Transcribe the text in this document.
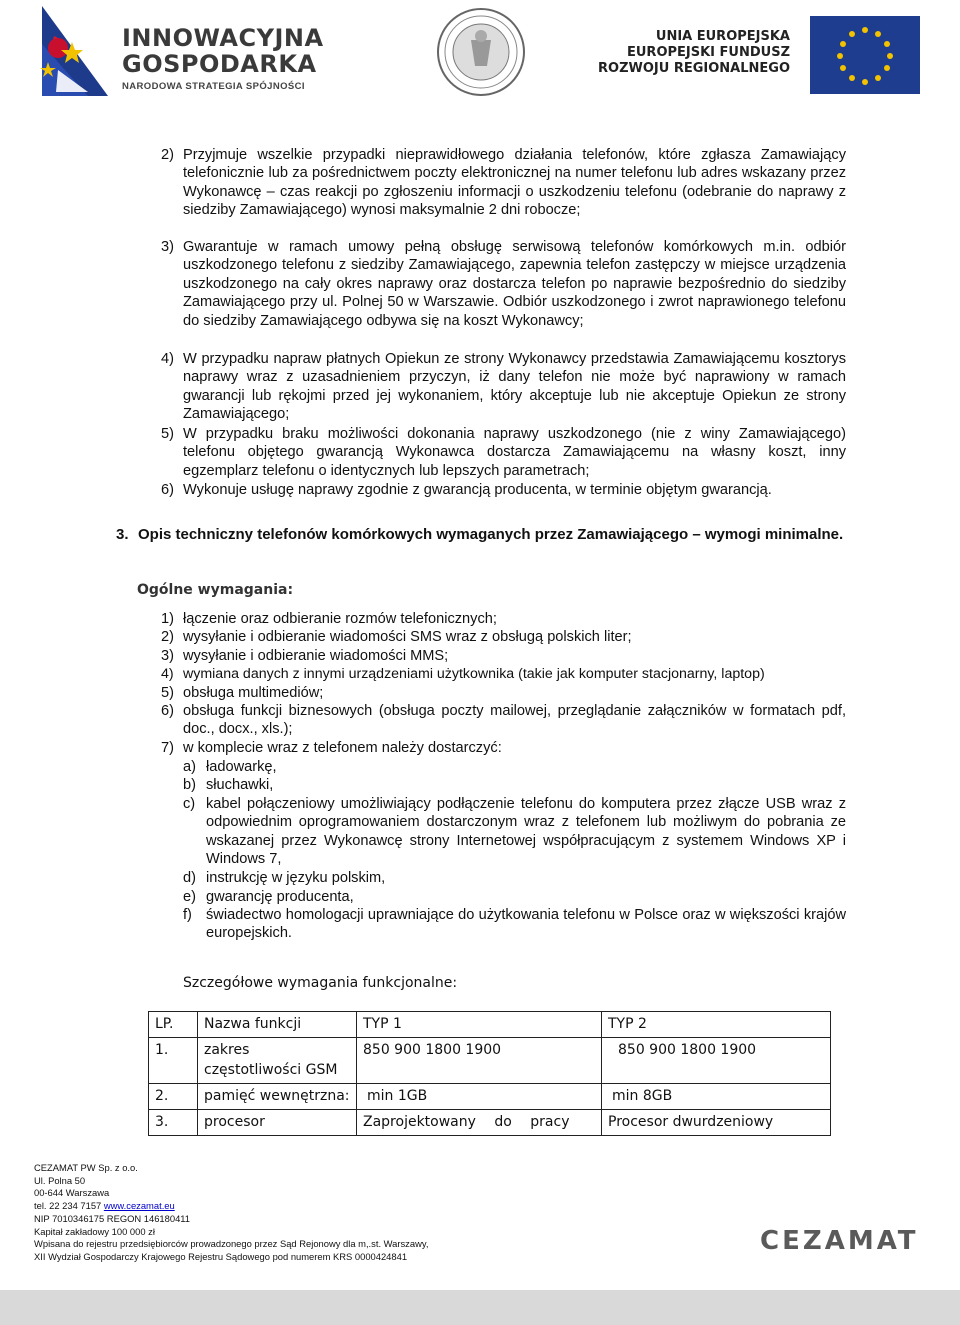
INNOWACYJNA
GOSPODARKA
NARODOWA STRATEGIA SPÓJNOŚCI
UNIA EUROPEJSKA
EUROPEJSKI FUNDUSZ
ROZWOJU REGIONALNEGO
2) Przyjmuje wszelkie przypadki nieprawidłowego działania telefonów, które zgłasza Zamawiający telefonicznie lub za pośrednictwem poczty elektronicznej na numer telefonu lub adres wskazany przez Wykonawcę – czas reakcji po zgłoszeniu informacji o uszkodzeniu telefonu (odebranie do naprawy z siedziby Zamawiającego) wynosi maksymalnie 2 dni robocze;
3) Gwarantuje w ramach umowy pełną obsługę serwisową telefonów komórkowych m.in. odbiór uszkodzonego telefonu z siedziby Zamawiającego, zapewnia telefon zastępczy w miejsce urządzenia uszkodzonego na cały okres naprawy oraz dostarcza telefon po naprawie bezpośrednio do siedziby Zamawiającego przy ul. Polnej 50 w Warszawie. Odbiór uszkodzonego i zwrot naprawionego telefonu do siedziby Zamawiającego odbywa się na koszt Wykonawcy;
4) W przypadku napraw płatnych Opiekun ze strony Wykonawcy przedstawia Zamawiającemu kosztorys naprawy wraz z uzasadnieniem przyczyn, iż dany telefon nie może być naprawiony w ramach gwarancji lub rękojmi przed jej wykonaniem, który akceptuje lub nie akceptuje Opiekun ze strony Zamawiającego;
5) W przypadku braku możliwości dokonania naprawy uszkodzonego (nie z winy Zamawiającego) telefonu objętego gwarancją Wykonawca dostarcza Zamawiającemu na własny koszt, inny egzemplarz telefonu o identycznych lub lepszych parametrach;
6) Wykonuje usługę naprawy zgodnie z gwarancją producenta, w terminie objętym gwarancją.
3. Opis techniczny telefonów komórkowych wymaganych przez Zamawiającego – wymogi minimalne.
Ogólne wymagania:
1) łączenie oraz odbieranie rozmów telefonicznych;
2) wysyłanie i odbieranie wiadomości SMS wraz z obsługą polskich liter;
3) wysyłanie i odbieranie wiadomości MMS;
4) wymiana danych z innymi urządzeniami użytkownika (takie jak komputer stacjonarny, laptop)
5) obsługa multimediów;
6) obsługa funkcji biznesowych (obsługa poczty mailowej, przeglądanie załączników w formatach pdf, doc., docx., xls.);
7) w komplecie wraz z telefonem należy dostarczyć:
a) ładowarkę,
b) słuchawki,
c) kabel połączeniowy umożliwiający podłączenie telefonu do komputera przez złącze USB wraz z odpowiednim oprogramowaniem dostarczonym wraz z telefonem lub możliwym do pobrania ze wskazanej przez Wykonawcę strony Internetowej współpracującym z systemem Windows XP i Windows 7,
d) instrukcję w języku polskim,
e) gwarancję producenta,
f) świadectwo homologacji uprawniające do użytkowania telefonu w Polsce oraz w większości krajów europejskich.
Szczegółowe wymagania funkcjonalne:
LP.	Nazwa funkcji	TYP 1	TYP 2
1.	zakres częstotliwości GSM	850 900 1800 1900	850 900 1800 1900
2.	pamięć wewnętrzna:	min 1GB	min 8GB
3.	procesor	Zaprojektowany do pracy	Procesor dwurdzeniowy
CEZAMAT PW Sp. z o.o.
Ul. Polna 50
00-644 Warszawa
tel. 22 234 7157 www.cezamat.eu
NIP 7010346175 REGON 146180411
Kapitał zakładowy 100 000 zł
Wpisana do rejestru przedsiębiorców prowadzonego przez Sąd Rejonowy dla m,.st. Warszawy,
XII Wydział Gospodarczy Krajowego Rejestru Sądowego pod numerem KRS 0000424841
CEZAMAT
